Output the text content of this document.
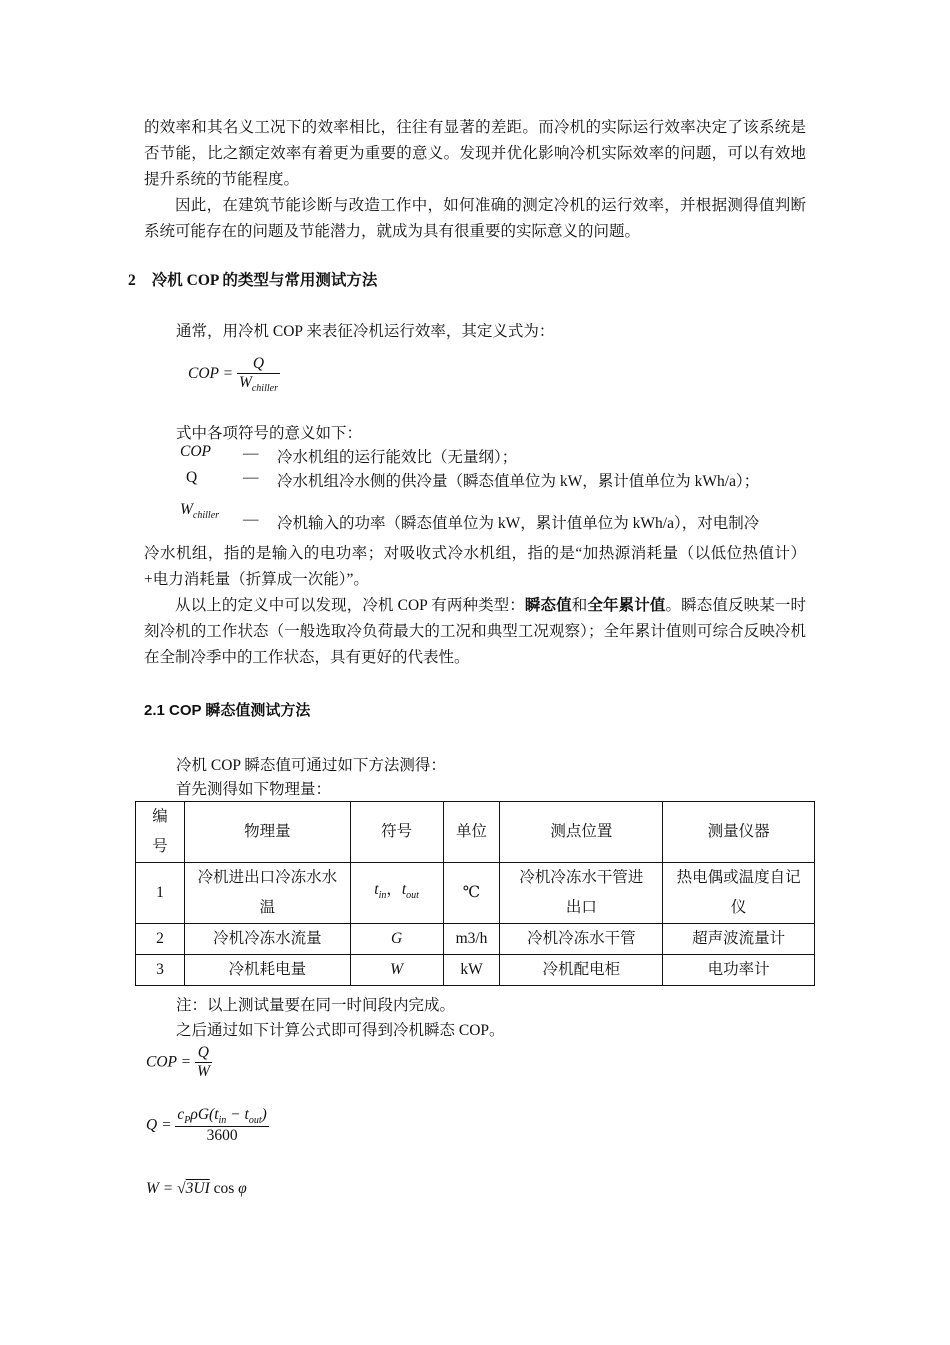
的效率和其名义工况下的效率相比，往往有显著的差距。而冷机的实际运行效率决定了该系统是否节能，比之额定效率有着更为重要的意义。发现并优化影响冷机实际效率的问题，可以有效地提升系统的节能程度。

因此，在建筑节能诊断与改造工作中，如何准确的测定冷机的运行效率，并根据测得值判断系统可能存在的问题及节能潜力，就成为具有很重要的实际意义的问题。

2 冷机 COP 的类型与常用测试方法
通常，用冷机 COP 来表征冷机运行效率，其定义式为：
COP = $\frac{Q}{W_{chiller}}$
式中各项符号的意义如下：
COP — 冷水机组的运行能效比（无量纲）；
Q	— 冷水机组冷水侧的供冷量（瞬态值单位为 kW，累计值单位为 kWh/a）；
$W_{chiller}$ — 冷机输入的功率（瞬态值单位为 kW，累计值单位为 kWh/a），对电制冷

冷水机组，指的是输入的电功率；对吸收式冷水机组，指的是“加热源消耗量（以低位热值计）+电力消耗量（折算成一次能）”。

从以上的定义中可以发现，冷机 COP 有两种类型：瞬态值和全年累计值。瞬态值反映某一时刻冷机的工作状态（一般选取冷负荷最大的工况和典型工况观察）；全年累计值则可综合反映冷机在全制冷季中的工作状态，具有更好的代表性。

2.1 COP 瞬态值测试方法
冷机 COP 瞬态值可通过如下方法测得：
首先测得如下物理量：
编号	物理量	符号	单位	测点位置	测量仪器
1	冷机进出口冷冻水水温	$t_{in}$，$t_{out}$	℃	冷机冷冻水干管进出口	热电偶或温度自记仪
2	冷机冷冻水流量	G	m3/h	冷机冷冻水干管	超声波流量计
3	冷机耗电量	W	kW	冷机配电柜	电功率计
注：以上测试量要在同一时间段内完成。
之后通过如下计算公式即可得到冷机瞬态 COP。
COP = $\frac{Q}{W}$
$Q = \frac{c_P\rho G(t_{in} - t_{out})}{3600}$
W = √3UI cos φ
